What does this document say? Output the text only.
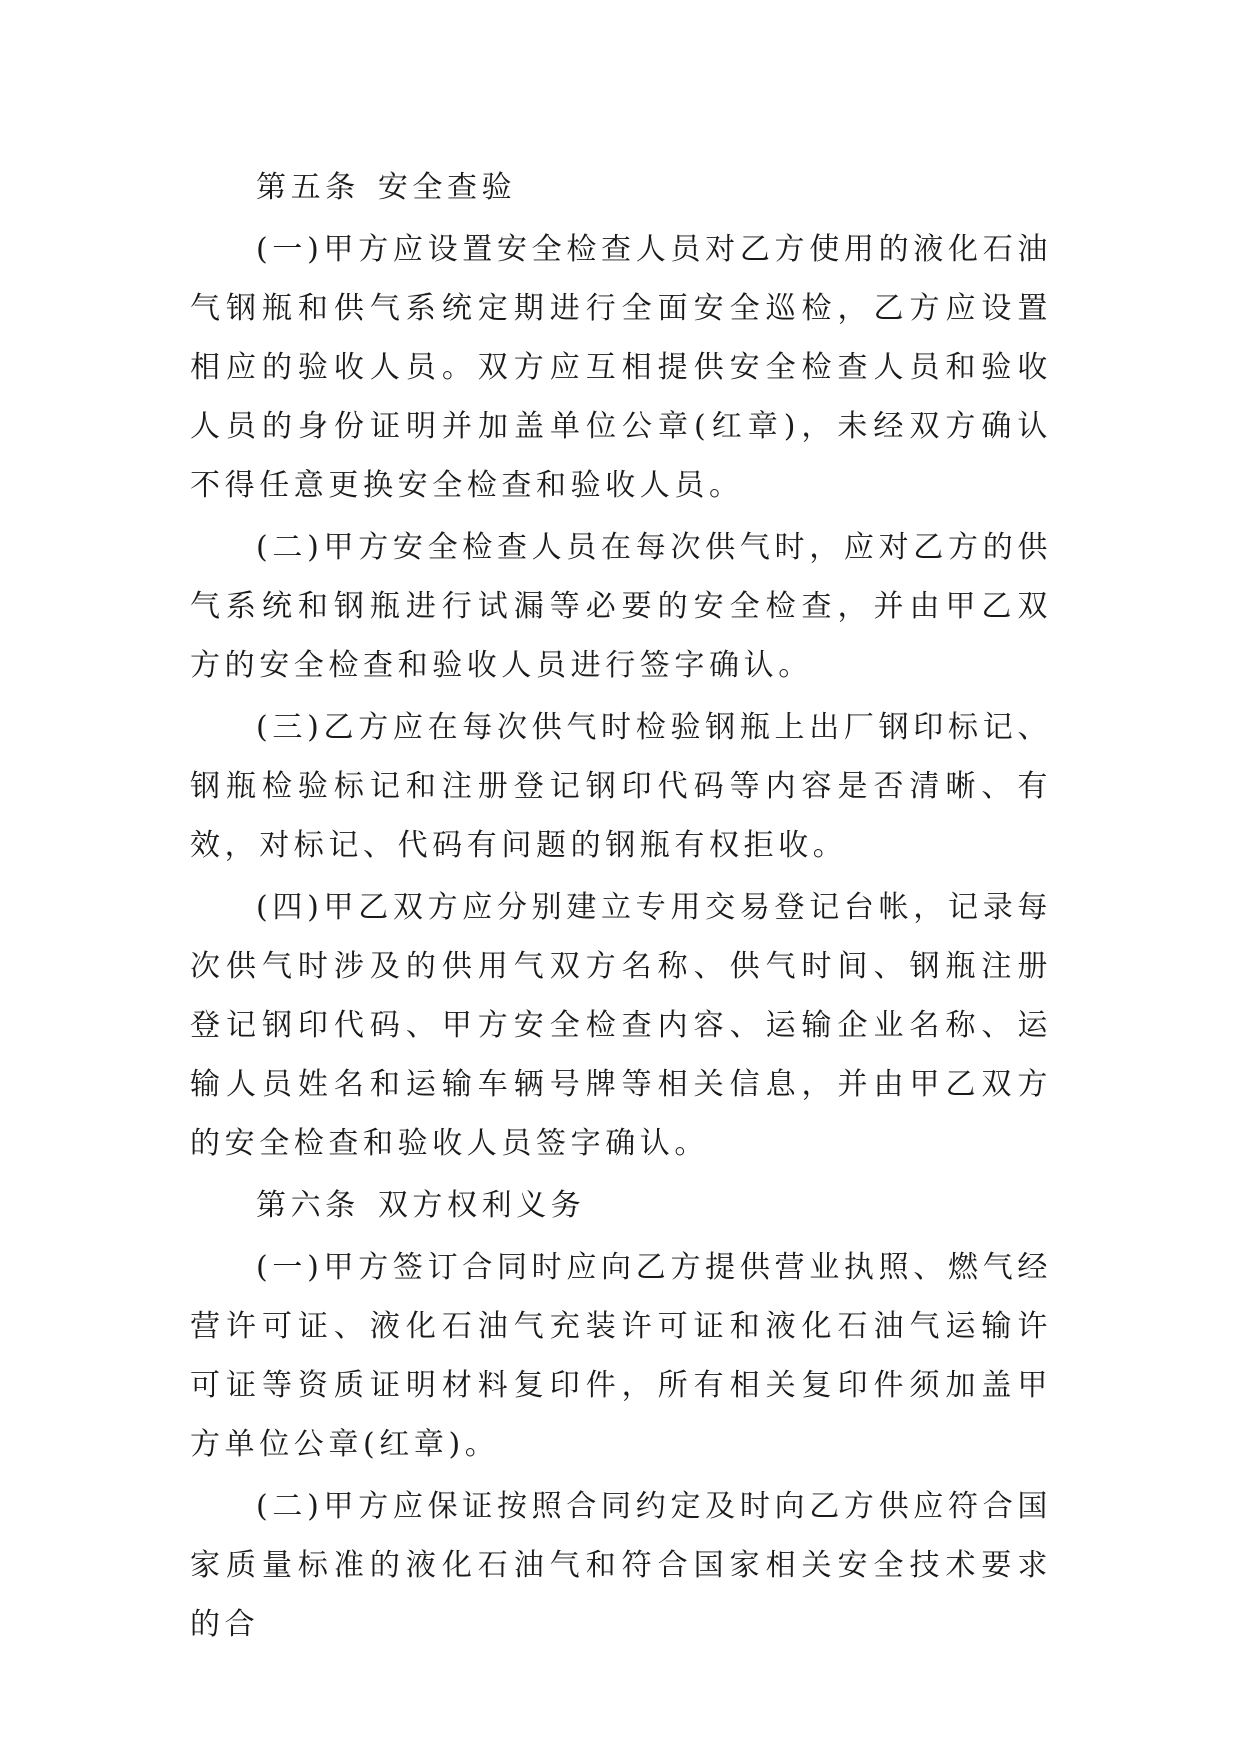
第五条 安全查验

(一)甲方应设置安全检查人员对乙方使用的液化石油气钢瓶和供气系统定期进行全面安全巡检，乙方应设置相应的验收人员。双方应互相提供安全检查人员和验收人员的身份证明并加盖单位公章(红章)，未经双方确认不得任意更换安全检查和验收人员。

(二)甲方安全检查人员在每次供气时，应对乙方的供气系统和钢瓶进行试漏等必要的安全检查，并由甲乙双方的安全检查和验收人员进行签字确认。

(三)乙方应在每次供气时检验钢瓶上出厂钢印标记、钢瓶检验标记和注册登记钢印代码等内容是否清晰、有效，对标记、代码有问题的钢瓶有权拒收。

(四)甲乙双方应分别建立专用交易登记台帐，记录每次供气时涉及的供用气双方名称、供气时间、钢瓶注册登记钢印代码、甲方安全检查内容、运输企业名称、运输人员姓名和运输车辆号牌等相关信息，并由甲乙双方的安全检查和验收人员签字确认。

第六条 双方权利义务

(一)甲方签订合同时应向乙方提供营业执照、燃气经营许可证、液化石油气充装许可证和液化石油气运输许可证等资质证明材料复印件，所有相关复印件须加盖甲方单位公章(红章)。

(二)甲方应保证按照合同约定及时向乙方供应符合国家质量标准的液化石油气和符合国家相关安全技术要求的合
